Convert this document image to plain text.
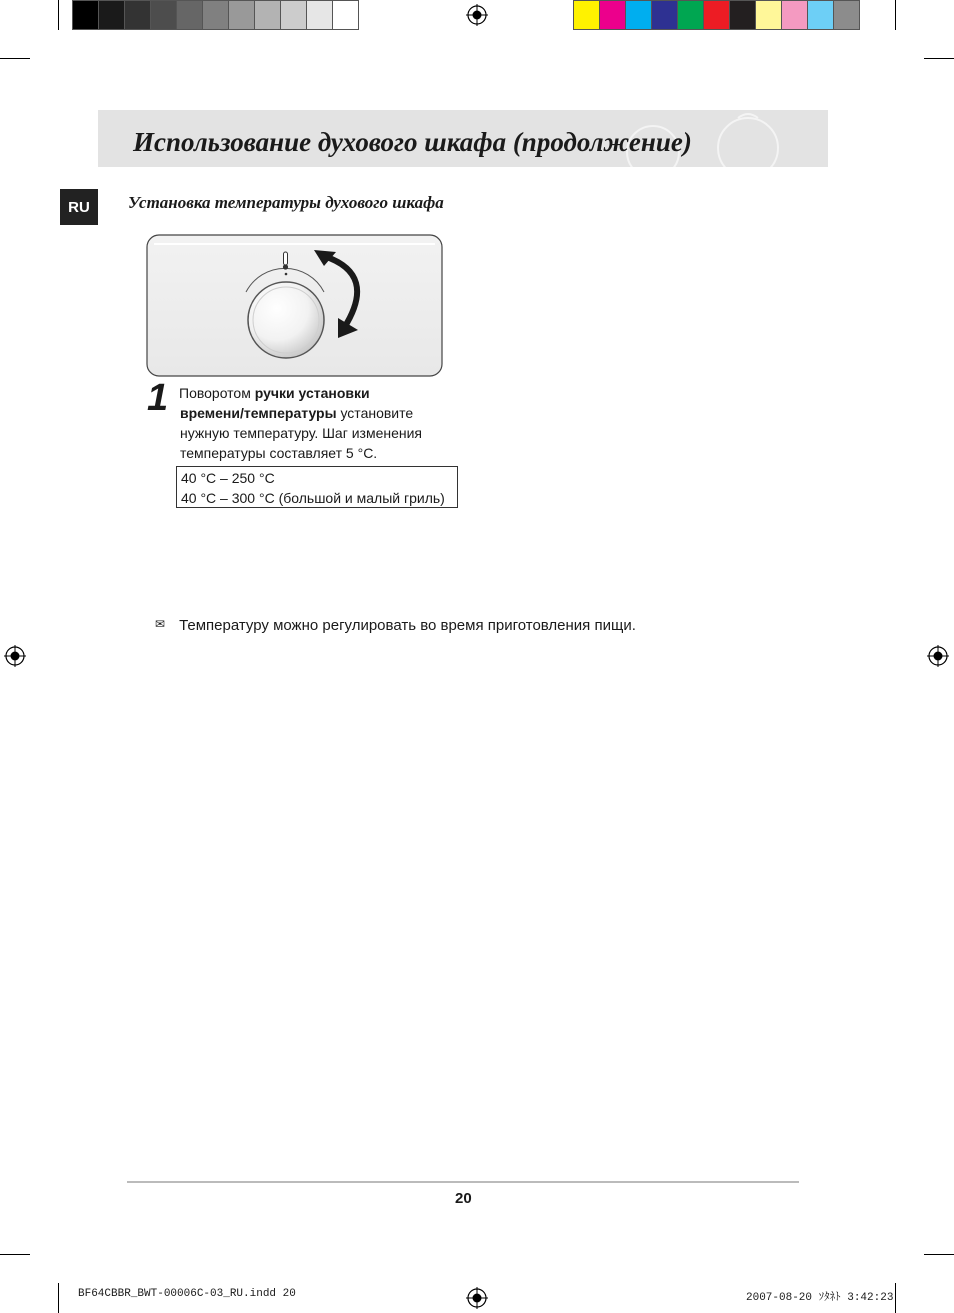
Использование духового шкафа (продолжение)
RU	Установка температуры духового шкафа
1 Поворотом ручки установки
времени/температуры установите
нужную температуру. Шаг изменения
температуры составляет 5 °C.
40 °C – 250 °C
40 °C – 300 °C (большой и малый гриль)
✉ Температуру можно регулировать во время приготовления пищи.
20
BF64CBBR_BWT-00006C-03_RU.indd 20	2007-08-20 ｿﾀﾈﾄ 3:42:23
